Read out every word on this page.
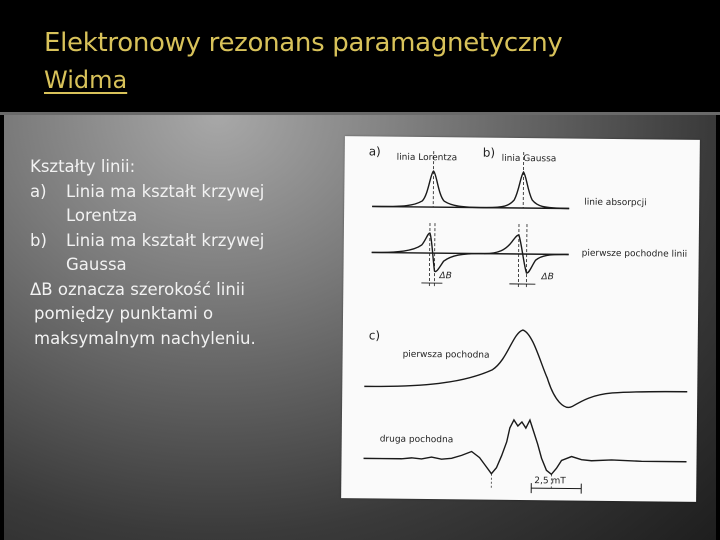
Elektronowy rezonans paramagnetyczny
Widma
Kształty linii:
a)	Linia ma kształt krzywej
Lorentza
b)	Linia ma kształt krzywej
Gaussa
ΔB oznacza szerokość linii
pomiędzy punktami o
maksymalnym nachyleniu.
a) linia Lorentza b) linia Gaussa
linie absorpcji
pierwsze pochodne linii
ΔB	ΔB
c)
pierwsza pochodna
druga pochodna
2,5 mT
